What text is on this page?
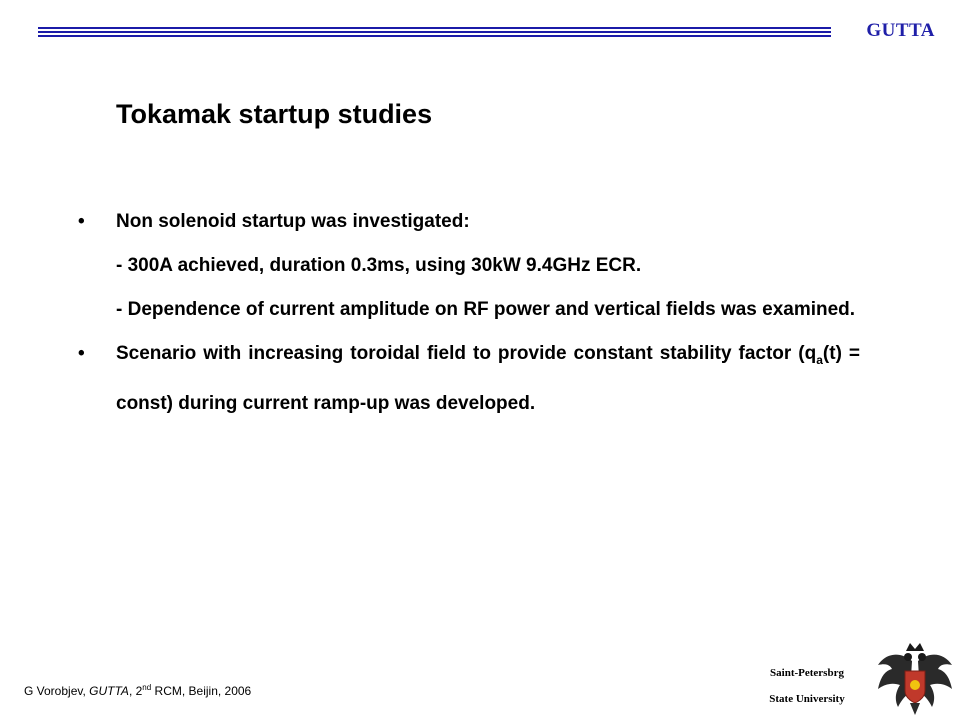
GUTTA
Tokamak startup studies
•	Non solenoid startup was investigated:
- 300A achieved, duration 0.3ms, using 30kW 9.4GHz ECR.
- Dependence of current amplitude on RF power and vertical fields was examined.
•	Scenario with increasing toroidal field to provide constant stability factor ($q_a(t)$ = const) during current ramp-up was developed.
G Vorobjev, GUTTA, 2nd RCM, Beijin, 2006
Saint-Petersbrg
State University
